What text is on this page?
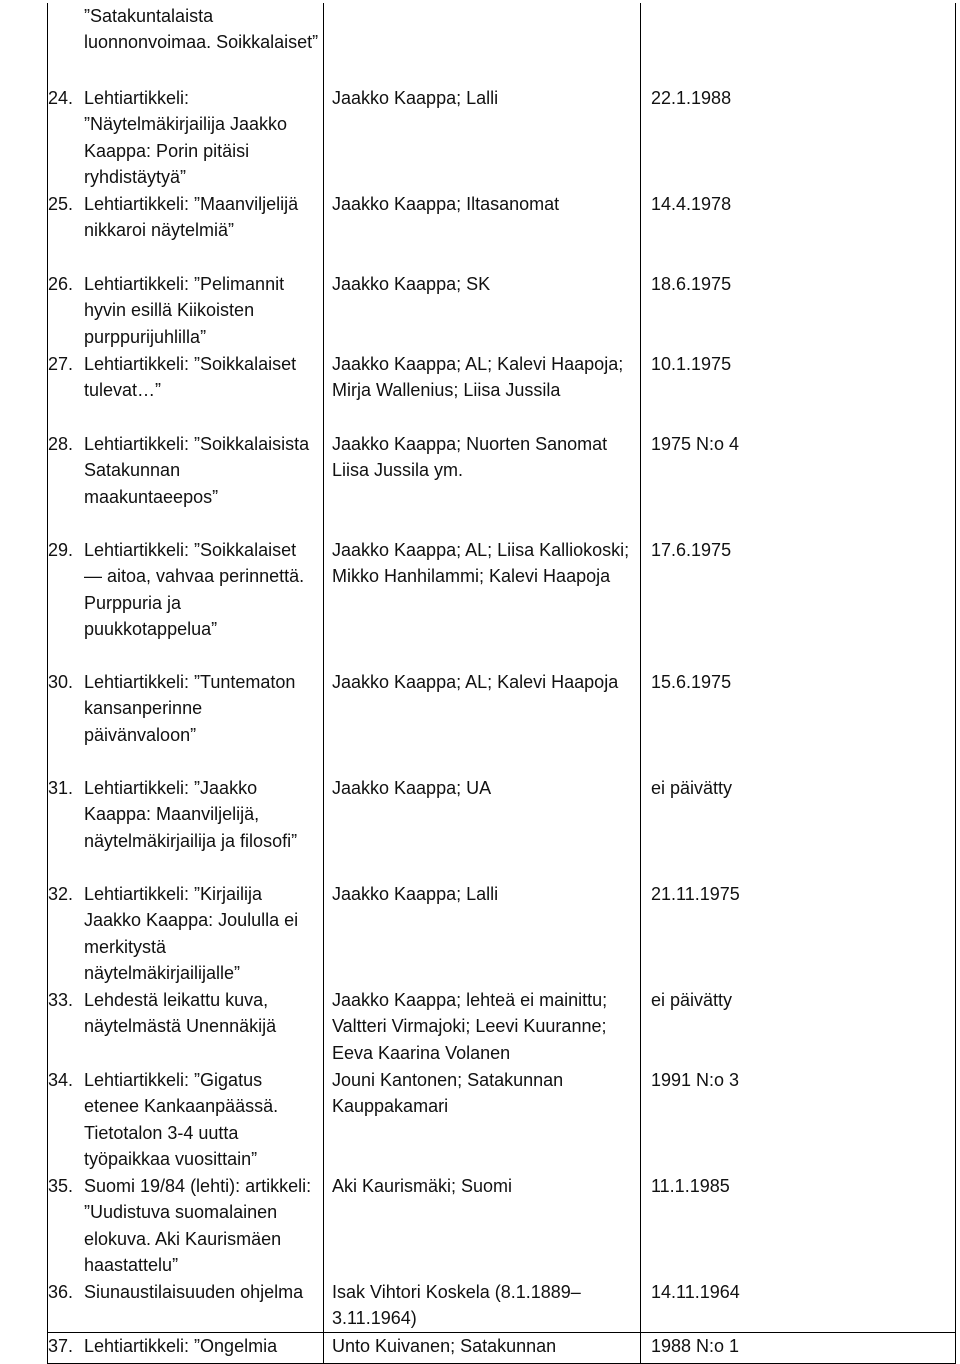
”Satakuntalaista luonnonvoimaa. Soikkalaiset”		
24. Lehtiartikkeli: ”Näytelmäkirjailija Jaakko Kaappa: Porin pitäisi ryhdistäytyä”	Jaakko Kaappa; Lalli	22.1.1988
25. Lehtiartikkeli: ”Maanviljelijä nikkaroi näytelmiä”	Jaakko Kaappa; Iltasanomat	14.4.1978
26. Lehtiartikkeli: ”Pelimannit hyvin esillä Kiikoisten purppurijuhlilla”	Jaakko Kaappa; SK	18.6.1975
27. Lehtiartikkeli: ”Soikkalaiset tulevat…”	Jaakko Kaappa; AL; Kalevi Haapoja; Mirja Wallenius; Liisa Jussila	10.1.1975
28. Lehtiartikkeli: ”Soikkalaisista Satakunnan maakuntaeepos”	Jaakko Kaappa; Nuorten Sanomat Liisa Jussila ym.	1975 N:o 4
29. Lehtiartikkeli: ”Soikkalaiset — aitoa, vahvaa perinnettä. Purppuria ja puukkotappelua”	Jaakko Kaappa; AL; Liisa Kalliokoski; Mikko Hanhilammi; Kalevi Haapoja	17.6.1975
30. Lehtiartikkeli: ”Tuntematon kansanperinne päivänvaloon”	Jaakko Kaappa; AL; Kalevi Haapoja	15.6.1975
31. Lehtiartikkeli: ”Jaakko Kaappa: Maanviljelijä, näytelmäkirjailija ja filosofi”	Jaakko Kaappa; UA	ei päivätty
32. Lehtiartikkeli: ”Kirjailija Jaakko Kaappa: Joululla ei merkitystä näytelmäkirjailijalle”	Jaakko Kaappa; Lalli	21.11.1975
33. Lehdestä leikattu kuva, näytelmästä Unennäkijä	Jaakko Kaappa; lehteä ei mainittu; Valtteri Virmajoki; Leevi Kuuranne; Eeva Kaarina Volanen	ei päivätty
34. Lehtiartikkeli: ”Gigatus etenee Kankaanpäässä. Tietotalon 3-4 uutta työpaikkaa vuosittain”	Jouni Kantonen; Satakunnan Kauppakamari	1991 N:o 3
35. Suomi 19/84 (lehti): artikkeli: ”Uudistuva suomalainen elokuva. Aki Kaurismäen haastattelu”	Aki Kaurismäki; Suomi	11.1.1985
36. Siunaustilaisuuden ohjelma	Isak Vihtori Koskela (8.1.1889– 3.11.1964)	14.11.1964
37. Lehtiartikkeli: ”Ongelmia	Unto Kuivanen; Satakunnan	1988 N:o 1
